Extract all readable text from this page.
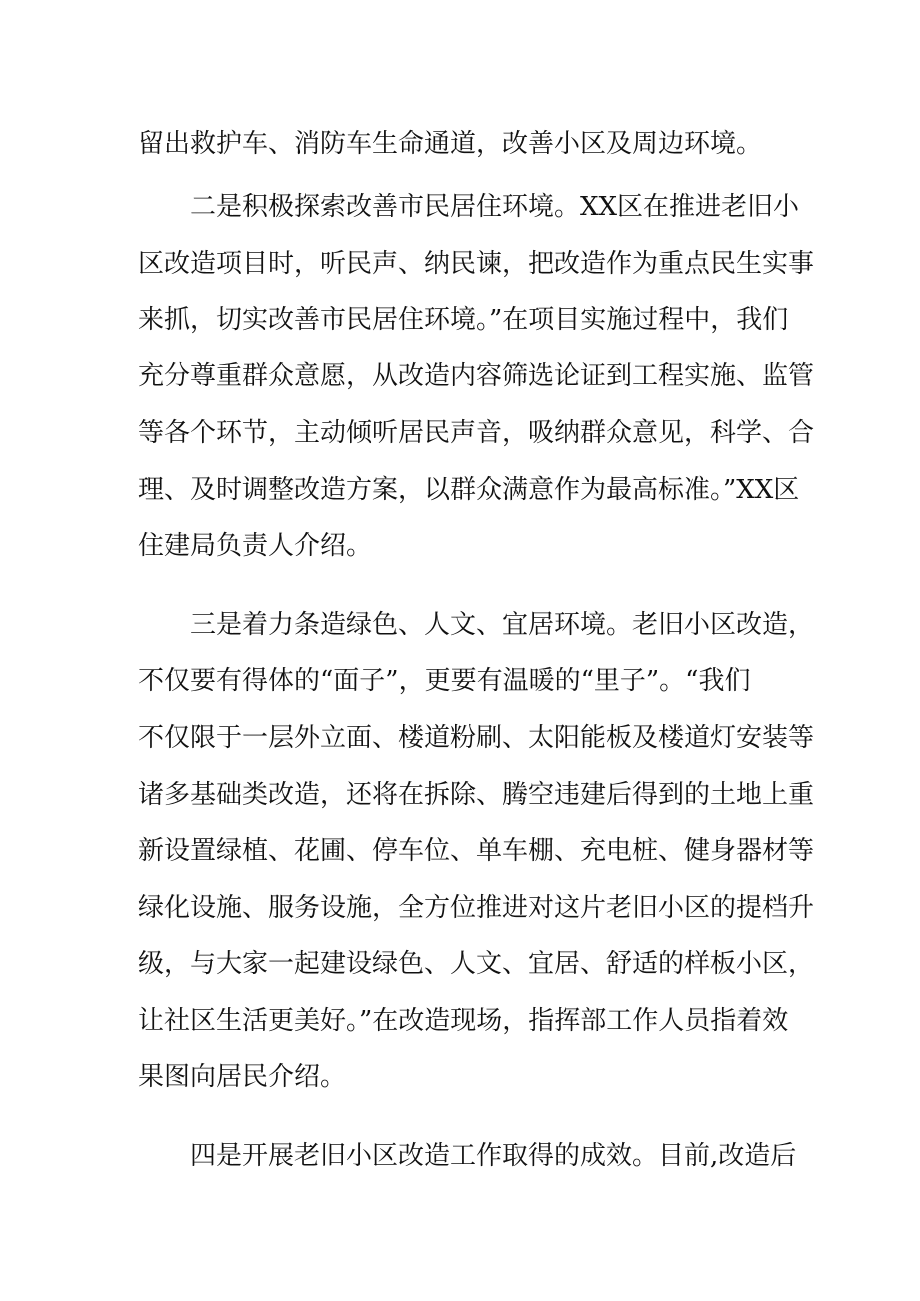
留出救护车、消防车生命通道，改善小区及周边环境。
二是积极探索改善市民居住环境。XX区在推进老旧小
区改造项目时，听民声、纳民谏，把改造作为重点民生实事
来抓，切实改善市民居住环境。”在项目实施过程中，我们
充分尊重群众意愿，从改造内容筛选论证到工程实施、监管
等各个环节，主动倾听居民声音，吸纳群众意见，科学、合
理、及时调整改造方案，以群众满意作为最高标准。”XX区
住建局负责人介绍。
三是着力条造绿色、人文、宜居环境。老旧小区改造，
不仅要有得体的“面子”，更要有温暖的“里子”。“我们
不仅限于一层外立面、楼道粉刷、太阳能板及楼道灯安装等
诸多基础类改造，还将在拆除、腾空违建后得到的土地上重
新设置绿植、花圃、停车位、单车棚、充电桩、健身器材等
绿化设施、服务设施，全方位推进对这片老旧小区的提档升
级，与大家一起建设绿色、人文、宜居、舒适的样板小区，
让社区生活更美好。”在改造现场，指挥部工作人员指着效
果图向居民介绍。
四是开展老旧小区改造工作取得的成效。目前,改造后
